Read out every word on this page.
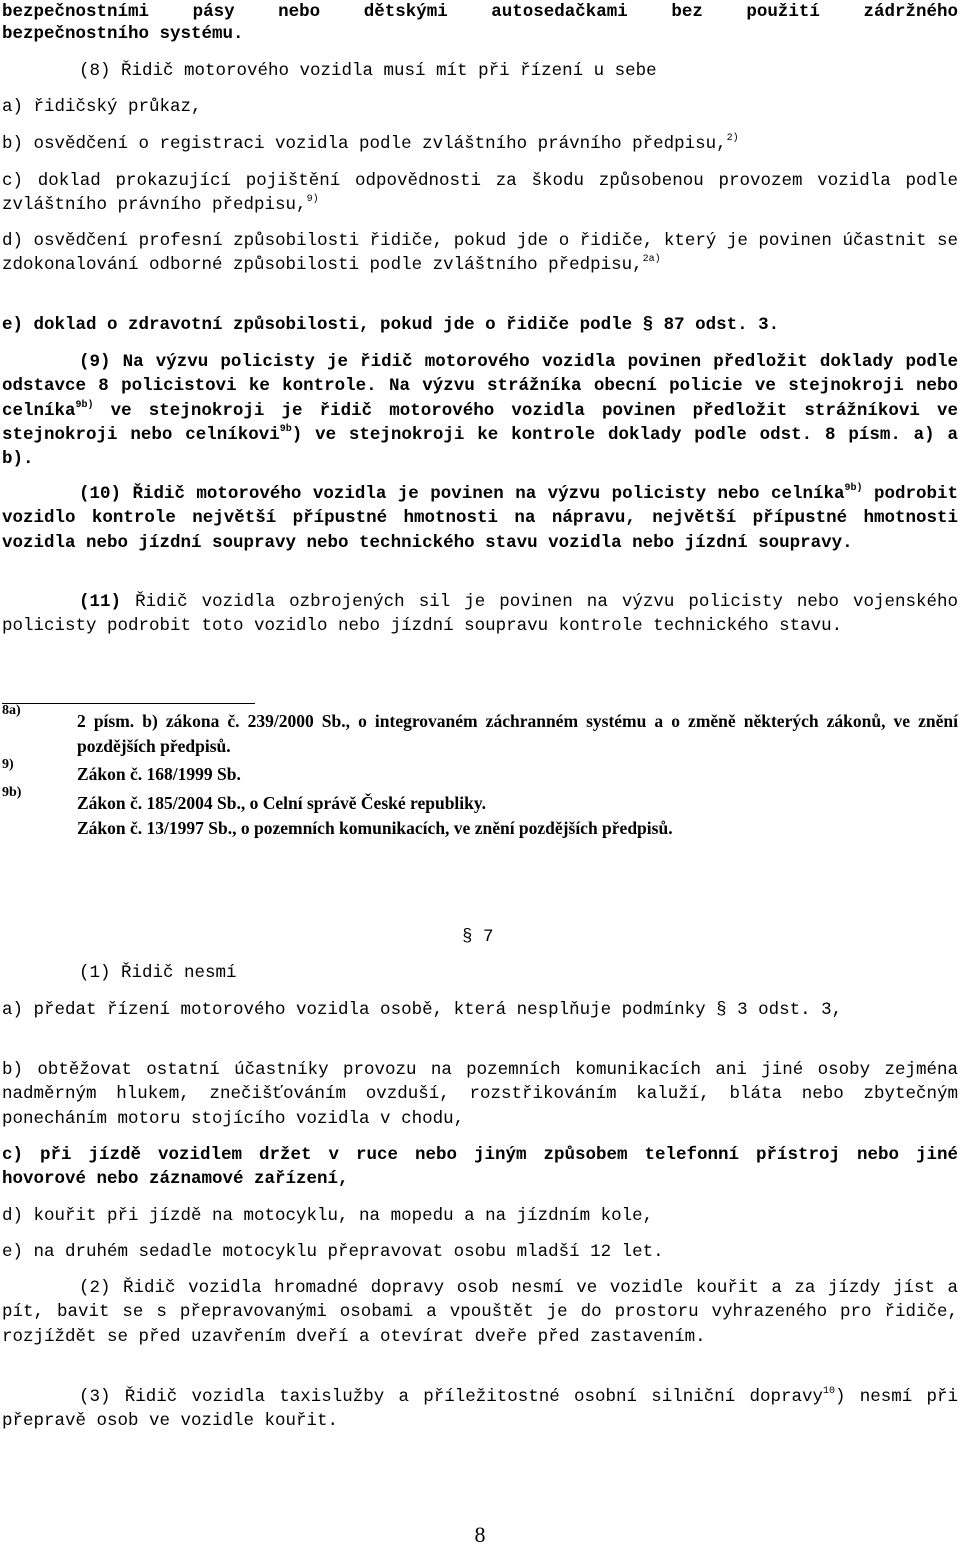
bezpečnostními pásy nebo dětskými autosedačkami bez použití zádržného
bezpečnostního systému.
(8) Řidič motorového vozidla musí mít při řízení u sebe
a) řidičský průkaz,
b) osvědčení o registraci vozidla podle zvláštního právního předpisu,$^{2)}$
c) doklad prokazující pojištění odpovědnosti za škodu způsobenou provozem vozidla podle zvláštního právního předpisu,$^{9)}$
d) osvědčení profesní způsobilosti řidiče, pokud jde o řidiče, který je povinen účastnit se zdokonalování odborné způsobilosti podle zvláštního předpisu,$^{2a)}$
e) doklad o zdravotní způsobilosti, pokud jde o řidiče podle § 87 odst. 3.
(9) Na výzvu policisty je řidič motorového vozidla povinen předložit doklady podle odstavce 8 policistovi ke kontrole. Na výzvu strážníka obecní policie ve stejnokroji nebo celníka$^{9b)}$ ve stejnokroji je řidič motorového vozidla povinen předložit strážníkovi ve stejnokroji nebo celníkovi$^{9b}$) ve stejnokroji ke kontrole doklady podle odst. 8 písm. a) a b).
(10) Řidič motorového vozidla je povinen na výzvu policisty nebo celníka$^{9b)}$ podrobit vozidlo kontrole největší přípustné hmotnosti na nápravu, největší přípustné hmotnosti vozidla nebo jízdní soupravy nebo technického stavu vozidla nebo jízdní soupravy.
(11) Řidič vozidla ozbrojených sil je povinen na výzvu policisty nebo vojenského policisty podrobit toto vozidlo nebo jízdní soupravu kontrole technického stavu.
8a)
9)
9b)
2 písm. b) zákona č. 239/2000 Sb., o integrovaném záchranném systému a o změně některých zákonů, ve znění pozdějších předpisů.
Zákon č. 168/1999 Sb.
Zákon č. 185/2004 Sb., o Celní správě České republiky.
Zákon č. 13/1997 Sb., o pozemních komunikacích, ve znění pozdějších předpisů.
§ 7
(1) Řidič nesmí
a) předat řízení motorového vozidla osobě, která nesplňuje podmínky § 3 odst. 3,
b) obtěžovat ostatní účastníky provozu na pozemních komunikacích ani jiné osoby zejména nadměrným hlukem, znečišťováním ovzduší, rozstřikováním kaluží, bláta nebo zbytečným ponecháním motoru stojícího vozidla v chodu,
c) při jízdě vozidlem držet v ruce nebo jiným způsobem telefonní přístroj nebo jiné hovorové nebo záznamové zařízení,
d) kouřit při jízdě na motocyklu, na mopedu a na jízdním kole,
e) na druhém sedadle motocyklu přepravovat osobu mladší 12 let.
(2) Řidič vozidla hromadné dopravy osob nesmí ve vozidle kouřit a za jízdy jíst a pít, bavit se s přepravovanými osobami a vpouštět je do prostoru vyhrazeného pro řidiče, rozjíždět se před uzavřením dveří a otevírat dveře před zastavením.
(3) Řidič vozidla taxislužby a příležitostné osobní silniční dopravy$^{10}$) nesmí při přepravě osob ve vozidle kouřit.
8
